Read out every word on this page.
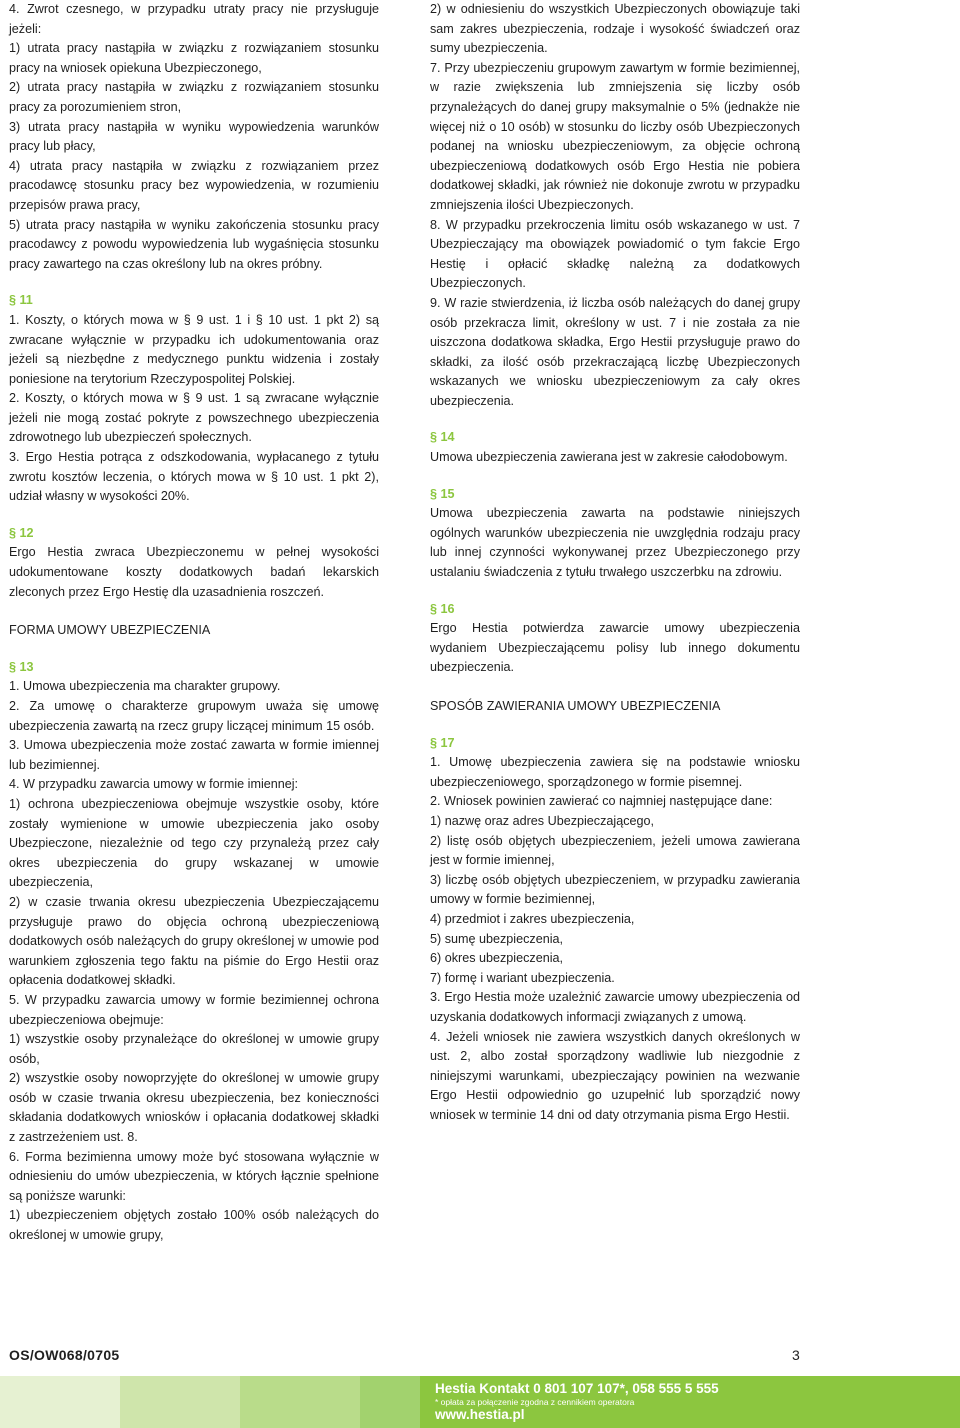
4. Zwrot czesnego, w przypadku utraty pracy nie przysługuje jeżeli:

1) utrata pracy nastąpiła w związku z rozwiązaniem stosunku pracy na wniosek opiekuna Ubezpieczonego,

2) utrata pracy nastąpiła w związku z rozwiązaniem stosunku pracy za porozumieniem stron,

3) utrata pracy nastąpiła w wyniku wypowiedzenia warunków pracy lub płacy,

4) utrata pracy nastąpiła w związku z rozwiązaniem przez pracodawcę stosunku pracy bez wypowiedzenia, w rozumieniu przepisów prawa pracy,

5) utrata pracy nastąpiła w wyniku zakończenia stosunku pracy pracodawcy z powodu wypowiedzenia lub wygaśnięcia stosunku pracy zawartego na czas określony lub na okres próbny.

§ 11

1. Koszty, o których mowa w § 9 ust. 1 i § 10 ust. 1 pkt 2) są zwracane wyłącznie w przypadku ich udokumentowania oraz jeżeli są niezbędne z medycznego punktu widzenia i zostały poniesione na terytorium Rzeczypospolitej Polskiej.

2. Koszty, o których mowa w § 9 ust. 1 są zwracane wyłącznie jeżeli nie mogą zostać pokryte z powszechnego ubezpieczenia zdrowotnego lub ubezpieczeń społecznych.

3. Ergo Hestia potrąca z odszkodowania, wypłacanego z tytułu zwrotu kosztów leczenia, o których mowa w § 10 ust. 1 pkt 2), udział własny w wysokości 20%.

§ 12

Ergo Hestia zwraca Ubezpieczonemu w pełnej wysokości udokumentowane koszty dodatkowych badań lekarskich zleconych przez Ergo Hestię dla uzasadnienia roszczeń.

FORMA UMOWY UBEZPIECZENIA

§ 13

1. Umowa ubezpieczenia ma charakter grupowy.

2. Za umowę o charakterze grupowym uważa się umowę ubezpieczenia zawartą na rzecz grupy liczącej minimum 15 osób.

3. Umowa ubezpieczenia może zostać zawarta w formie imiennej lub bezimiennej.

4. W przypadku zawarcia umowy w formie imiennej:

1) ochrona ubezpieczeniowa obejmuje wszystkie osoby, które zostały wymienione w umowie ubezpieczenia jako osoby Ubezpieczone, niezależnie od tego czy przynależą przez cały okres ubezpieczenia do grupy wskazanej w umowie ubezpieczenia,

2) w czasie trwania okresu ubezpieczenia Ubezpieczającemu przysługuje prawo do objęcia ochroną ubezpieczeniową dodatkowych osób należących do grupy określonej w umowie pod warunkiem zgłoszenia tego faktu na piśmie do Ergo Hestii oraz opłacenia dodatkowej składki.

5. W przypadku zawarcia umowy w formie bezimiennej ochrona ubezpieczeniowa obejmuje:

1) wszystkie osoby przynależące do określonej w umowie grupy osób,

2) wszystkie osoby nowoprzyjęte do określonej w umowie grupy osób w czasie trwania okresu ubezpieczenia, bez konieczności składania dodatkowych wniosków i opłacania dodatkowej składki z zastrzeżeniem ust. 8.

6. Forma bezimienna umowy może być stosowana wyłącznie w odniesieniu do umów ubezpieczenia, w których łącznie spełnione są poniższe warunki:

1) ubezpieczeniem objętych zostało 100% osób należących do określonej w umowie grupy,

2) w odniesieniu do wszystkich Ubezpieczonych obowiązuje taki sam zakres ubezpieczenia, rodzaje i wysokość świadczeń oraz sumy ubezpieczenia.

7. Przy ubezpieczeniu grupowym zawartym w formie bezimiennej, w razie zwiększenia lub zmniejszenia się liczby osób przynależących do danej grupy maksymalnie o 5% (jednakże nie więcej niż o 10 osób) w stosunku do liczby osób Ubezpieczonych podanej na wniosku ubezpieczeniowym, za objęcie ochroną ubezpieczeniową dodatkowych osób Ergo Hestia nie pobiera dodatkowej składki, jak również nie dokonuje zwrotu w przypadku zmniejszenia ilości Ubezpieczonych.

8. W przypadku przekroczenia limitu osób wskazanego w ust. 7 Ubezpieczający ma obowiązek powiadomić o tym fakcie Ergo Hestię i opłacić składkę należną za dodatkowych Ubezpieczonych.

9. W razie stwierdzenia, iż liczba osób należących do danej grupy osób przekracza limit, określony w ust. 7 i nie została za nie uiszczona dodatkowa składka, Ergo Hestii przysługuje prawo do składki, za ilość osób przekraczającą liczbę Ubezpieczonych wskazanych we wniosku ubezpieczeniowym za cały okres ubezpieczenia.

§ 14

Umowa ubezpieczenia zawierana jest w zakresie całodobowym.

§ 15

Umowa ubezpieczenia zawarta na podstawie niniejszych ogólnych warunków ubezpieczenia nie uwzględnia rodzaju pracy lub innej czynności wykonywanej przez Ubezpieczonego przy ustalaniu świadczenia z tytułu trwałego uszczerbku na zdrowiu.

§ 16

Ergo Hestia potwierdza zawarcie umowy ubezpieczenia wydaniem Ubezpieczającemu polisy lub innego dokumentu ubezpieczenia.

SPOSÓB ZAWIERANIA UMOWY UBEZPIECZENIA

§ 17

1. Umowę ubezpieczenia zawiera się na podstawie wniosku ubezpieczeniowego, sporządzonego w formie pisemnej.

2. Wniosek powinien zawierać co najmniej następujące dane:

1) nazwę oraz adres Ubezpieczającego,

2) listę osób objętych ubezpieczeniem, jeżeli umowa zawierana jest w formie imiennej,

3) liczbę osób objętych ubezpieczeniem, w przypadku zawierania umowy w formie bezimiennej,

4) przedmiot i zakres ubezpieczenia,

5) sumę ubezpieczenia,

6) okres ubezpieczenia,

7) formę i wariant ubezpieczenia.

3. Ergo Hestia może uzależnić zawarcie umowy ubezpieczenia od uzyskania dodatkowych informacji związanych z umową.

4. Jeżeli wniosek nie zawiera wszystkich danych określonych w ust. 2, albo został sporządzony wadliwie lub niezgodnie z niniejszymi warunkami, ubezpieczający powinien na wezwanie Ergo Hestii odpowiednio go uzupełnić lub sporządzić nowy wniosek w terminie 14 dni od daty otrzymania pisma Ergo Hestii.

OS/OW068/0705	3
Hestia Kontakt 0 801 107 107*, 058 555 5 555
* opłata za połączenie zgodna z cennikiem operatora
www.hestia.pl
